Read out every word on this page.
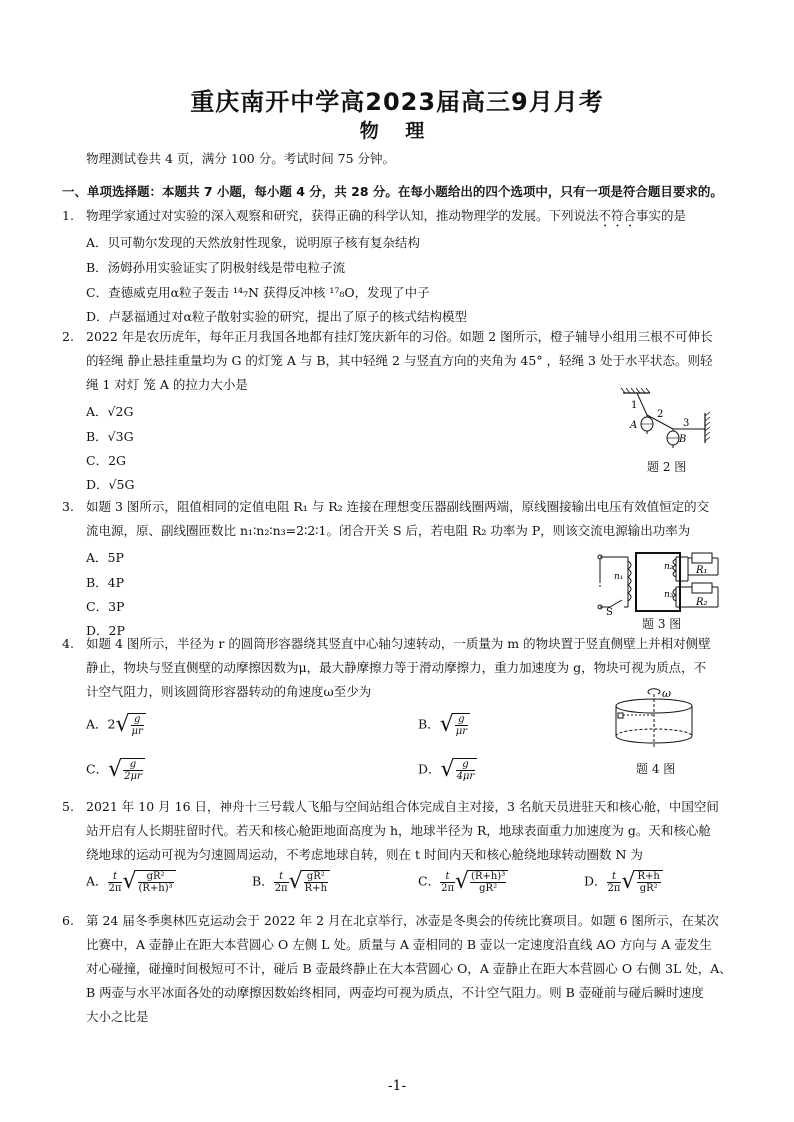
重庆南开中学高2023届高三9月月考
物 理
物理测试卷共 4 页，满分 100 分。考试时间 75 分钟。
一、单项选择题：本题共 7 小题，每小题 4 分，共 28 分。在每小题给出的四个选项中，只有一项是符合题目要求的。
1. 物理学家通过对实验的深入观察和研究，获得正确的科学认知，推动物理学的发展。下列说法不符合事实的是
A．贝可勒尔发现的天然放射性现象，说明原子核有复杂结构
B．汤姆孙用实验证实了阴极射线是带电粒子流
C．查德威克用α粒子轰击 ¹⁴₇N 获得反冲核 ¹⁷₈O，发现了中子
D．卢瑟福通过对α粒子散射实验的研究，提出了原子的核式结构模型
2. 2022 年是农历虎年，每年正月我国各地都有挂灯笼庆新年的习俗。如题 2 图所示，橙子辅导小组用三根不可伸长
的轻绳 静止悬挂重量均为 G 的灯笼 A 与 B，其中轻绳 2 与竖直方向的夹角为 45° ，轻绳 3 处于水平状态。则轻
绳 1 对灯 笼 A 的拉力大小是
A．√2G
B．√3G
C．2G
D．√5G
1
2
3
A
B
题 2 图
3. 如题 3 图所示，阻值相同的定值电阻 R₁ 与 R₂ 连接在理想变压器副线圈两端，原线圈接输出电压有效值恒定的交
流电源，原、副线圈匝数比 n₁∶n₂∶n₃=2∶2∶1。闭合开关 S 后，若电阻 R₂ 功率为 P，则该交流电源输出功率为
A．5P
B．4P
C．3P
D．2P
n₁
n₂
n₃
R₁
R₂
S
题 3 图
4. 如题 4 图所示，半径为 r 的圆筒形容器绕其竖直中心轴匀速转动，一质量为 m 的物块置于竖直侧壁上并相对侧壁
静止，物块与竖直侧壁的动摩擦因数为μ，最大静摩擦力等于滑动摩擦力，重力加速度为 g，物块可视为质点，不
计空气阻力，则该圆筒形容器转动的角速度ω至少为
A．$2√ \frac{g}{\mu r}$	B．√ $\frac{g}{\mu r}$
C．√ $\frac{g}{2\mu r}$	D．√ $\frac{g}{4\mu r}$
ω
题 4 图
5. 2021 年 10 月 16 日，神舟十三号载人飞船与空间站组合体完成自主对接，3 名航天员进驻天和核心舱，中国空间
站开启有人长期驻留时代。若天和核心舱距地面高度为 h，地球半径为 R，地球表面重力加速度为 g。天和核心舱
绕地球的运动可视为匀速圆周运动，不考虑地球自转，则在 t 时间内天和核心舱绕地球转动圈数 N 为
A． $\frac{t}{2\pi}$ √ $\frac{\text{gR²}}{\text{(R+h)³}}$	B． $\frac{t}{2\pi}$ √ $\frac{\text{gR²}}{R+h}$	C． $\frac{t}{2\pi}$ √ $\frac{\text{(R+h)³}}{\text{gR²}}$	D． $\frac{t}{2\pi}$ √ $\frac{R+h}{\text{gR²}}$
6. 第 24 届冬季奥林匹克运动会于 2022 年 2 月在北京举行，冰壶是冬奥会的传统比赛项目。如题 6 图所示，在某次
比赛中，A 壶静止在距大本营圆心 O 左侧 L 处。质量与 A 壶相同的 B 壶以一定速度沿直线 AO 方向与 A 壶发生
对心碰撞，碰撞时间极短可不计，碰后 B 壶最终静止在大本营圆心 O，A 壶静止在距大本营圆心 O 右侧 3L 处，A、
B 两壶与水平冰面各处的动摩擦因数始终相同，两壶均可视为质点，不计空气阻力。则 B 壶碰前与碰后瞬时速度
大小之比是
-1-
